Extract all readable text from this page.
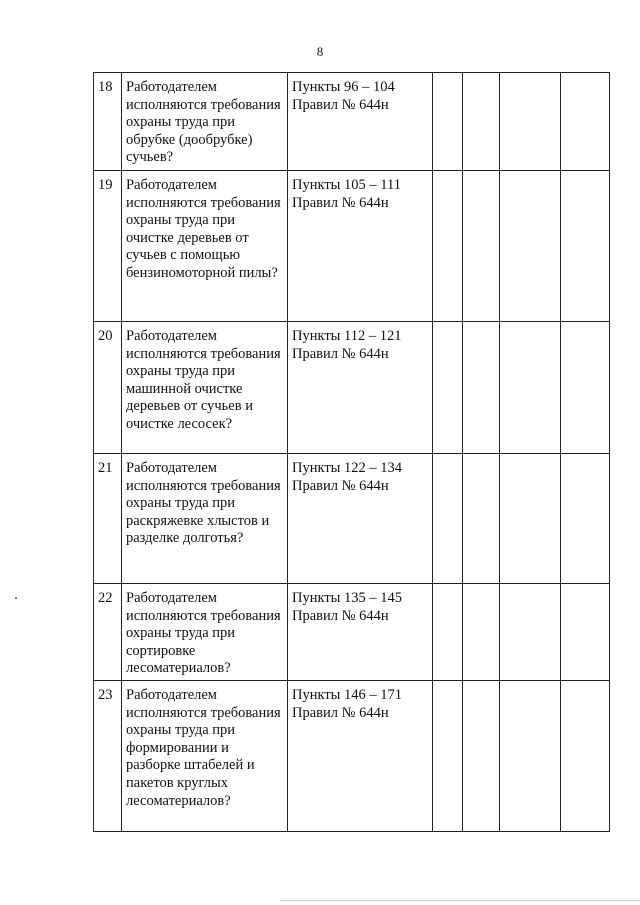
8
18	Работодателем исполняются требования охраны труда при обрубке (дообрубке) сучьев?	Пункты 96 – 104 Правил № 644н				
19	Работодателем исполняются требования охраны труда при очистке деревьев от сучьев с помощью бензиномоторной пилы?	Пункты 105 – 111 Правил № 644н				
20	Работодателем исполняются требования охраны труда при машинной очистке деревьев от сучьев и очистке лесосек?	Пункты 112 – 121 Правил № 644н				
21	Работодателем исполняются требования охраны труда при раскряжевке хлыстов и разделке долготья?	Пункты 122 – 134 Правил № 644н				
22	Работодателем исполняются требования охраны труда при сортировке лесоматериалов?	Пункты 135 – 145 Правил № 644н				
23	Работодателем исполняются требования охраны труда при формировании и разборке штабелей и пакетов круглых лесоматериалов?	Пункты 146 – 171 Правил № 644н				
